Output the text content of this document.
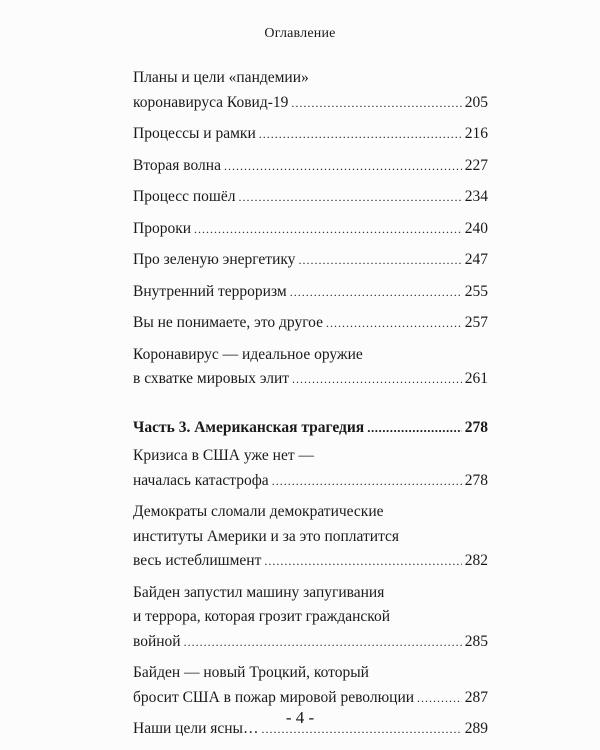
Оглавление
Планы и цели «пандемии»
коронавируса Ковид-19 .....	205
Процессы и рамки .....	216
Вторая волна .....	227
Процесс пошёл .....	234
Пророки .....	240
Про зеленую энергетику .....	247
Внутренний терроризм .....	255
Вы не понимаете, это другое .....	257
Коронавирус — идеальное оружие
в схватке мировых элит .....	261
Часть 3. Американская трагедия .....	278
Кризиса в США уже нет —
началась катастрофа .....	278
Демократы сломали демократические
институты Америки и за это поплатится
весь истеблишмент .....	282
Байден запустил машину запугивания
и террора, которая грозит гражданской
войной .....	285
Байден — новый Троцкий, который
бросит США в пожар мировой революции .....	287
Наши цели ясны… .....	289
- 4 -
